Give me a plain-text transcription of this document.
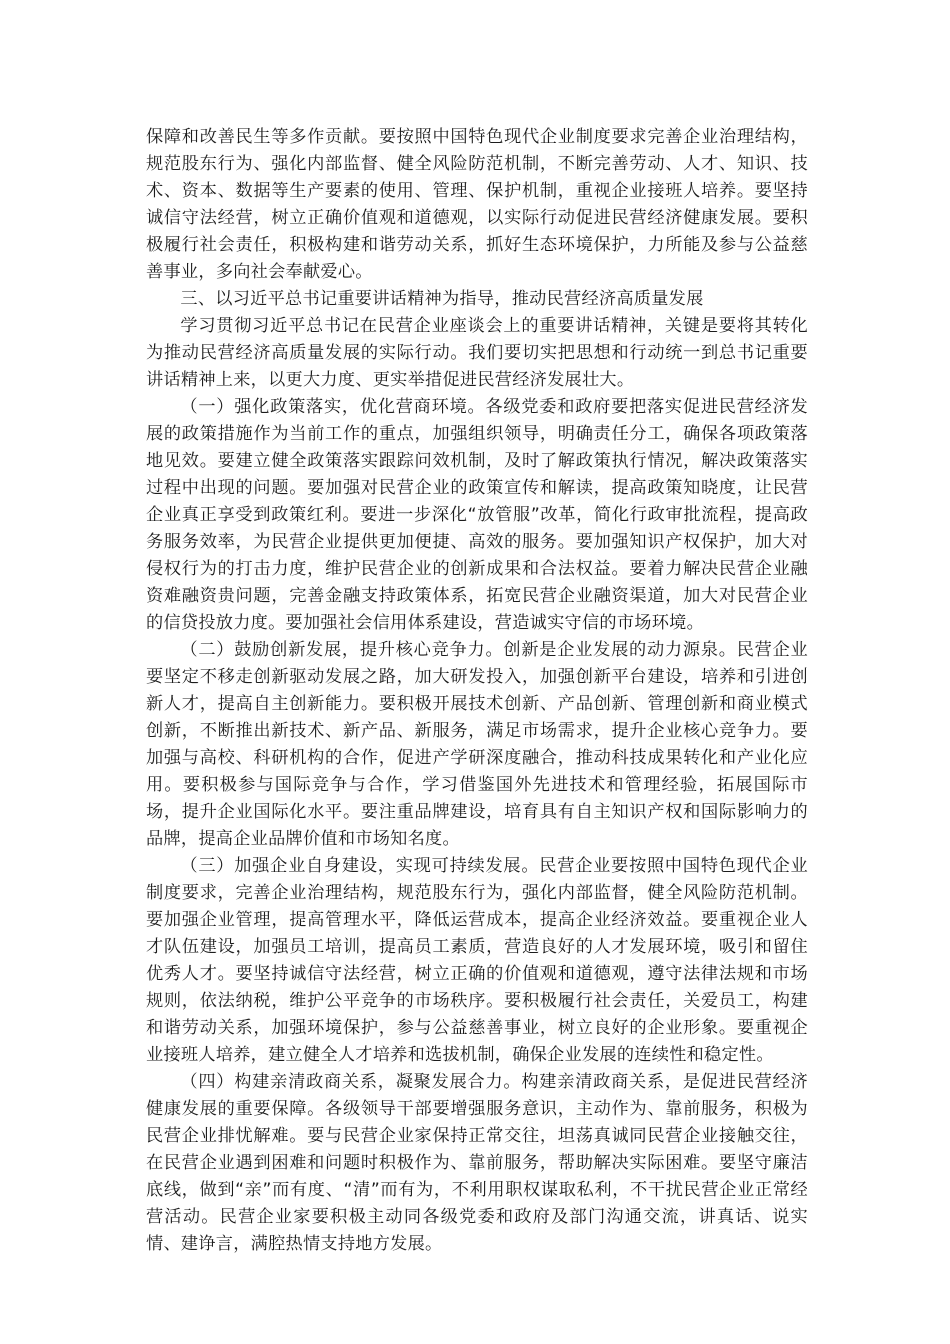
保障和改善民生等多作贡献。要按照中国特色现代企业制度要求完善企业治理结构，规范股东行为、强化内部监督、健全风险防范机制，不断完善劳动、人才、知识、技术、资本、数据等生产要素的使用、管理、保护机制，重视企业接班人培养。要坚持诚信守法经营，树立正确价值观和道德观，以实际行动促进民营经济健康发展。要积极履行社会责任，积极构建和谐劳动关系，抓好生态环境保护，力所能及参与公益慈善事业，多向社会奉献爱心。

三、以习近平总书记重要讲话精神为指导，推动民营经济高质量发展

学习贯彻习近平总书记在民营企业座谈会上的重要讲话精神，关键是要将其转化为推动民营经济高质量发展的实际行动。我们要切实把思想和行动统一到总书记重要讲话精神上来，以更大力度、更实举措促进民营经济发展壮大。

（一）强化政策落实，优化营商环境。各级党委和政府要把落实促进民营经济发展的政策措施作为当前工作的重点，加强组织领导，明确责任分工，确保各项政策落地见效。要建立健全政策落实跟踪问效机制，及时了解政策执行情况，解决政策落实过程中出现的问题。要加强对民营企业的政策宣传和解读，提高政策知晓度，让民营企业真正享受到政策红利。要进一步深化“放管服”改革，简化行政审批流程，提高政务服务效率，为民营企业提供更加便捷、高效的服务。要加强知识产权保护，加大对侵权行为的打击力度，维护民营企业的创新成果和合法权益。要着力解决民营企业融资难融资贵问题，完善金融支持政策体系，拓宽民营企业融资渠道，加大对民营企业的信贷投放力度。要加强社会信用体系建设，营造诚实守信的市场环境。

（二）鼓励创新发展，提升核心竞争力。创新是企业发展的动力源泉。民营企业要坚定不移走创新驱动发展之路，加大研发投入，加强创新平台建设，培养和引进创新人才，提高自主创新能力。要积极开展技术创新、产品创新、管理创新和商业模式创新，不断推出新技术、新产品、新服务，满足市场需求，提升企业核心竞争力。要加强与高校、科研机构的合作，促进产学研深度融合，推动科技成果转化和产业化应用。要积极参与国际竞争与合作，学习借鉴国外先进技术和管理经验，拓展国际市场，提升企业国际化水平。要注重品牌建设，培育具有自主知识产权和国际影响力的品牌，提高企业品牌价值和市场知名度。

（三）加强企业自身建设，实现可持续发展。民营企业要按照中国特色现代企业制度要求，完善企业治理结构，规范股东行为，强化内部监督，健全风险防范机制。要加强企业管理，提高管理水平，降低运营成本，提高企业经济效益。要重视企业人才队伍建设，加强员工培训，提高员工素质，营造良好的人才发展环境，吸引和留住优秀人才。要坚持诚信守法经营，树立正确的价值观和道德观，遵守法律法规和市场规则，依法纳税，维护公平竞争的市场秩序。要积极履行社会责任，关爱员工，构建和谐劳动关系，加强环境保护，参与公益慈善事业，树立良好的企业形象。要重视企业接班人培养，建立健全人才培养和选拔机制，确保企业发展的连续性和稳定性。

（四）构建亲清政商关系，凝聚发展合力。构建亲清政商关系，是促进民营经济健康发展的重要保障。各级领导干部要增强服务意识，主动作为、靠前服务，积极为民营企业排忧解难。要与民营企业家保持正常交往，坦荡真诚同民营企业接触交往，在民营企业遇到困难和问题时积极作为、靠前服务，帮助解决实际困难。要坚守廉洁底线，做到“亲”而有度、“清”而有为，不利用职权谋取私利，不干扰民营企业正常经营活动。民营企业家要积极主动同各级党委和政府及部门沟通交流，讲真话、说实情、建诤言，满腔热情支持地方发展。
